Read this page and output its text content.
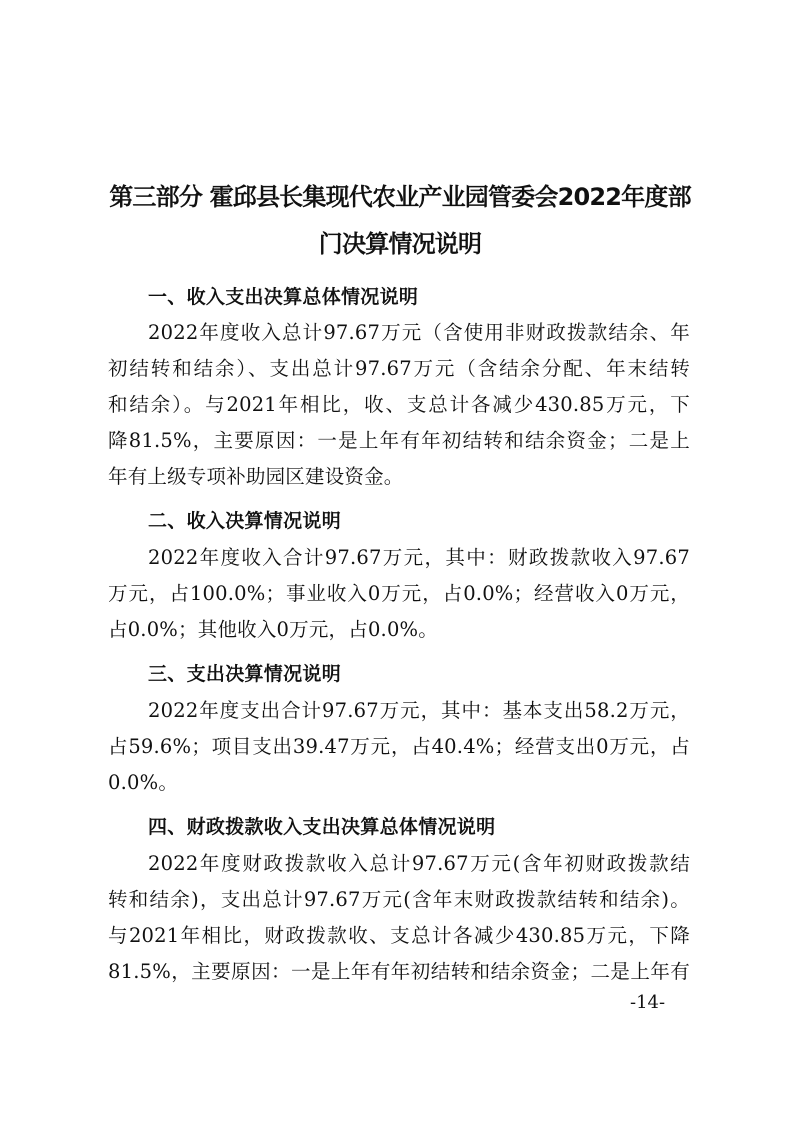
第三部分 霍邱县长集现代农业产业园管委会2022年度部
门决算情况说明
一、收入支出决算总体情况说明
2022年度收入总计97.67万元（含使用非财政拨款结余、年
初结转和结余）、支出总计97.67万元（含结余分配、年末结转
和结余）。与2021年相比，收、支总计各减少430.85万元，下
降81.5%，主要原因：一是上年有年初结转和结余资金；二是上
年有上级专项补助园区建设资金。
二、收入决算情况说明
2022年度收入合计97.67万元，其中：财政拨款收入97.67
万元，占100.0%；事业收入0万元，占0.0%；经营收入0万元，
占0.0%；其他收入0万元，占0.0%。
三、支出决算情况说明
2022年度支出合计97.67万元，其中：基本支出58.2万元，
占59.6%；项目支出39.47万元，占40.4%；经营支出0万元，占
0.0%。
四、财政拨款收入支出决算总体情况说明
2022年度财政拨款收入总计97.67万元(含年初财政拨款结
转和结余)，支出总计97.67万元(含年末财政拨款结转和结余)。
与2021年相比，财政拨款收、支总计各减少430.85万元，下降
81.5%，主要原因：一是上年有年初结转和结余资金；二是上年有
-14-
